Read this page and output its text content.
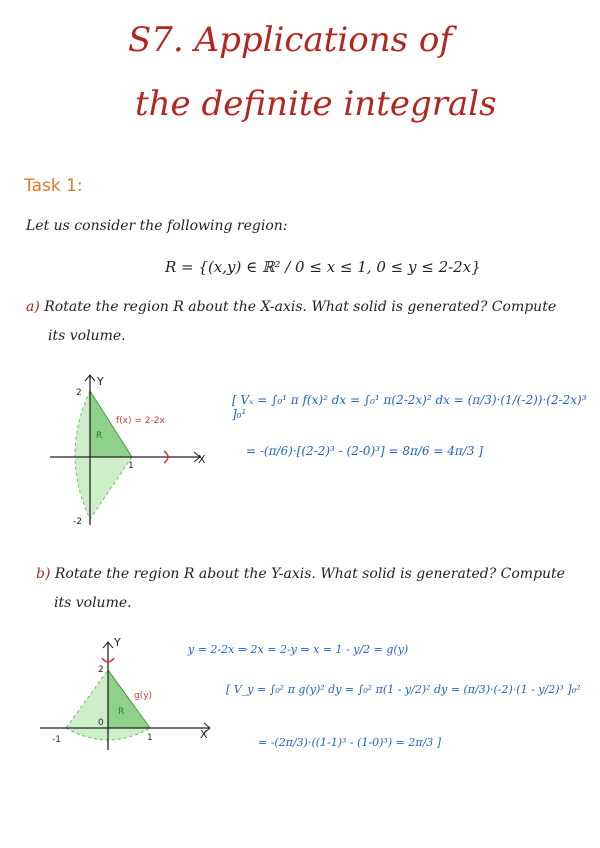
S7. Applications of
the definite integrals
Task 1:
Let us consider the following region:
R = {(x,y) ∈ ℝ² / 0 ≤ x ≤ 1, 0 ≤ y ≤ 2-2x}
a) Rotate the region R about the X-axis. What solid is generated? Compute
its volume.
Y
X
2
1
-2
R
f(x) = 2-2x
[ Vₓ = ∫₀¹ π f(x)² dx = ∫₀¹ π(2-2x)² dx = (π/3)·(1/(-2))·(2-2x)³ ]₀¹
= -(π/6)·[(2-2)³ - (2-0)³] = 8π/6 = 4π/3 ]
b) Rotate the region R about the Y-axis. What solid is generated? Compute
its volume.
Y
X
2
1
0
-1
R
g(y)
y = 2-2x ⇒ 2x = 2-y ⇒ x = 1 - y/2 = g(y)
[ V_y = ∫₀² π g(y)² dy = ∫₀² π(1 - y/2)² dy = (π/3)·(-2)·(1 - y/2)³ ]₀²
= -(2π/3)·((1-1)³ - (1-0)³) = 2π/3 ]
